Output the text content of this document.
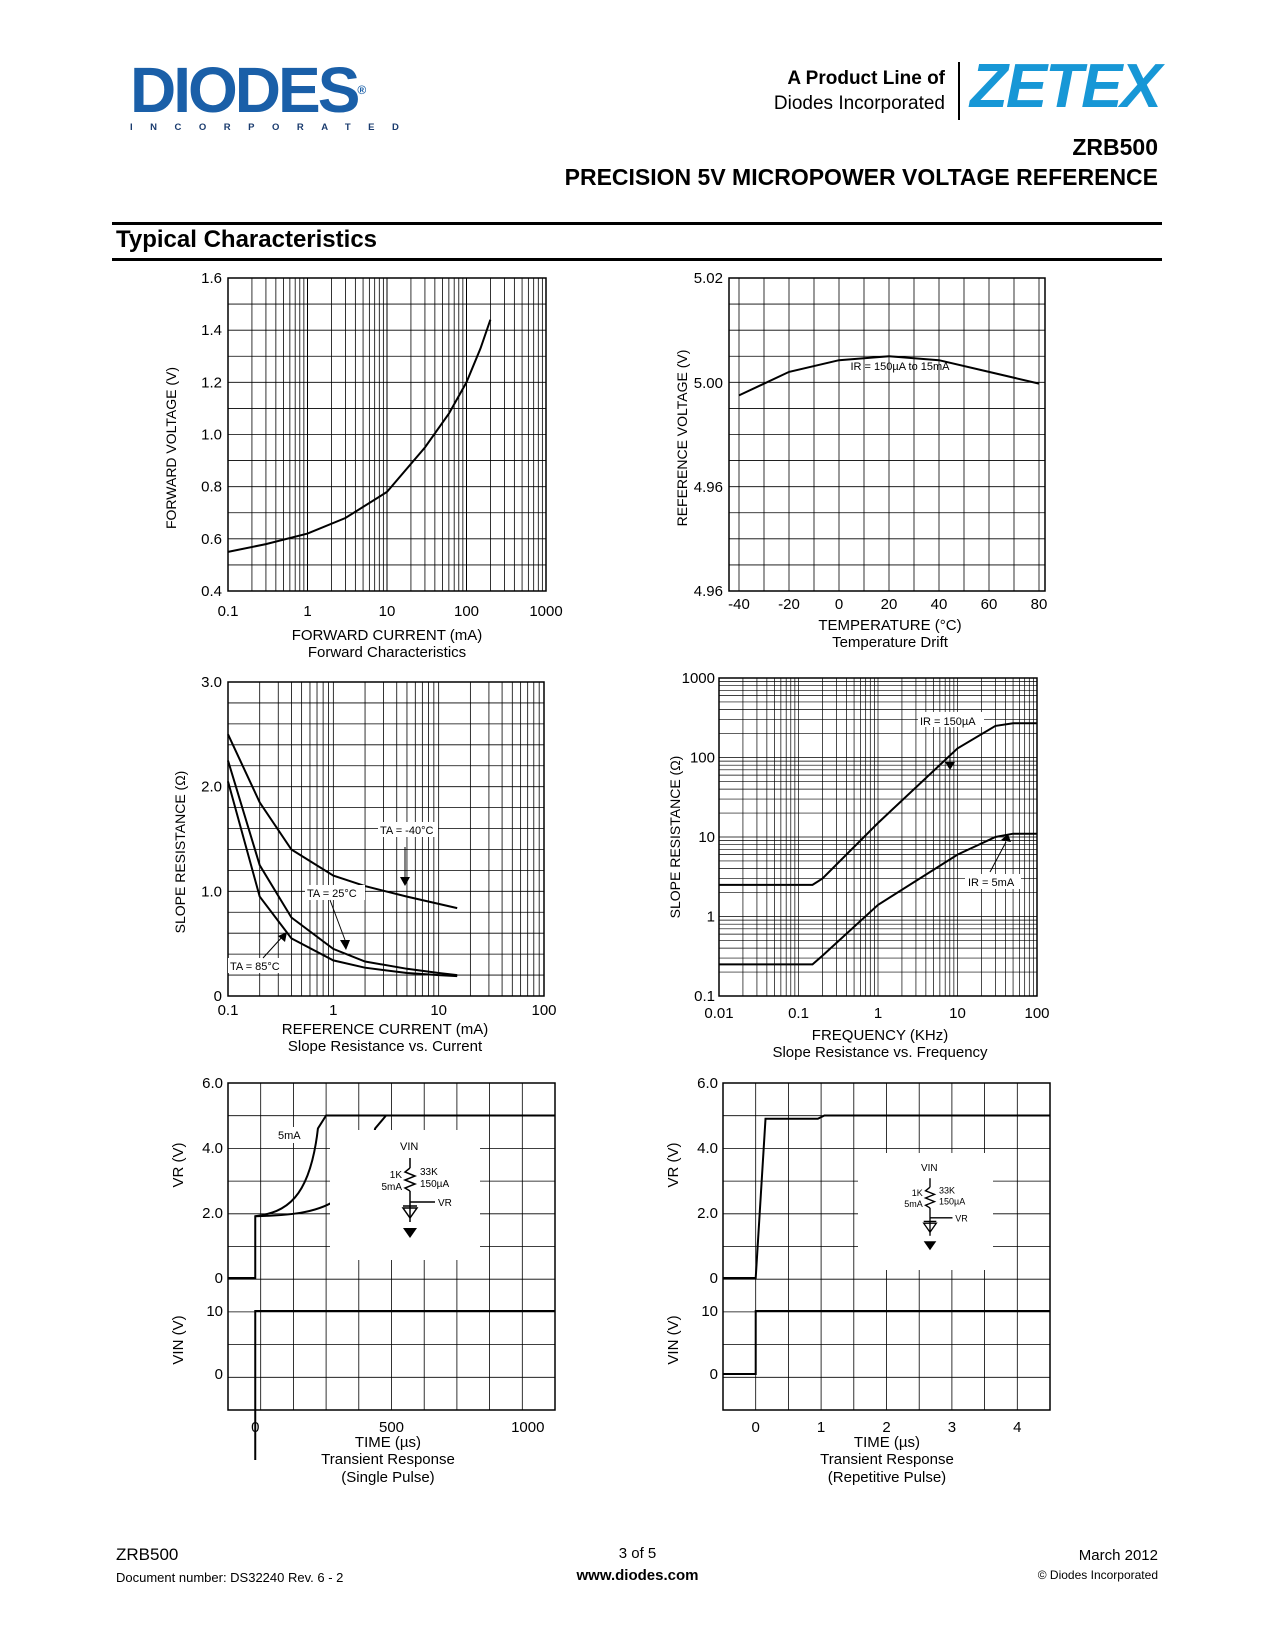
DIODES®
INCORPORATED
A Product Line of
Diodes Incorporated ZETEX
ZRB500
PRECISION 5V MICROPOWER VOLTAGE REFERENCE
Typical Characteristics
0.1	1	10	100	1000
0.4
0.6
0.8
1.0
1.2
1.4
1.6
FORWARD VOLTAGE (V)
FORWARD CURRENT (mA)
Forward Characteristics
-40 -20 0 20 40 60 80
4.96
4.96
5.00
5.02
IR = 150µA to 15mA
REFERENCE VOLTAGE (V)
TEMPERATURE (°C)
Temperature Drift
0.1	1	10	100
0
1.0
2.0
3.0
TA = -40°C
TA = 25°C
TA = 85°C
SLOPE RESISTANCE (Ω)
REFERENCE CURRENT (mA)
Slope Resistance vs. Current
0.01	0.1	1	10	100
0.1
1
10
100
1000
IR = 150µA
IR = 5mA
SLOPE RESISTANCE (Ω)
FREQUENCY (KHz)
Slope Resistance vs. Frequency
0	500	1000
0
2.0
4.0
6.0
0
10
5mA
VIN
1K
5mA
33K
150µA
VR
VR (V)
VIN (V)
TIME (µs)
Transient Response
(Single Pulse)
0	1	2	3	4
0
2.0
4.0
6.0
0
10
VIN
1K
5mA
33K
150µA
VR
VR (V)
VIN (V)
TIME (µs)
Transient Response
(Repetitive Pulse)
ZRB500
Document number: DS32240 Rev. 6 - 2
3 of 5
www.diodes.com
March 2012
© Diodes Incorporated
